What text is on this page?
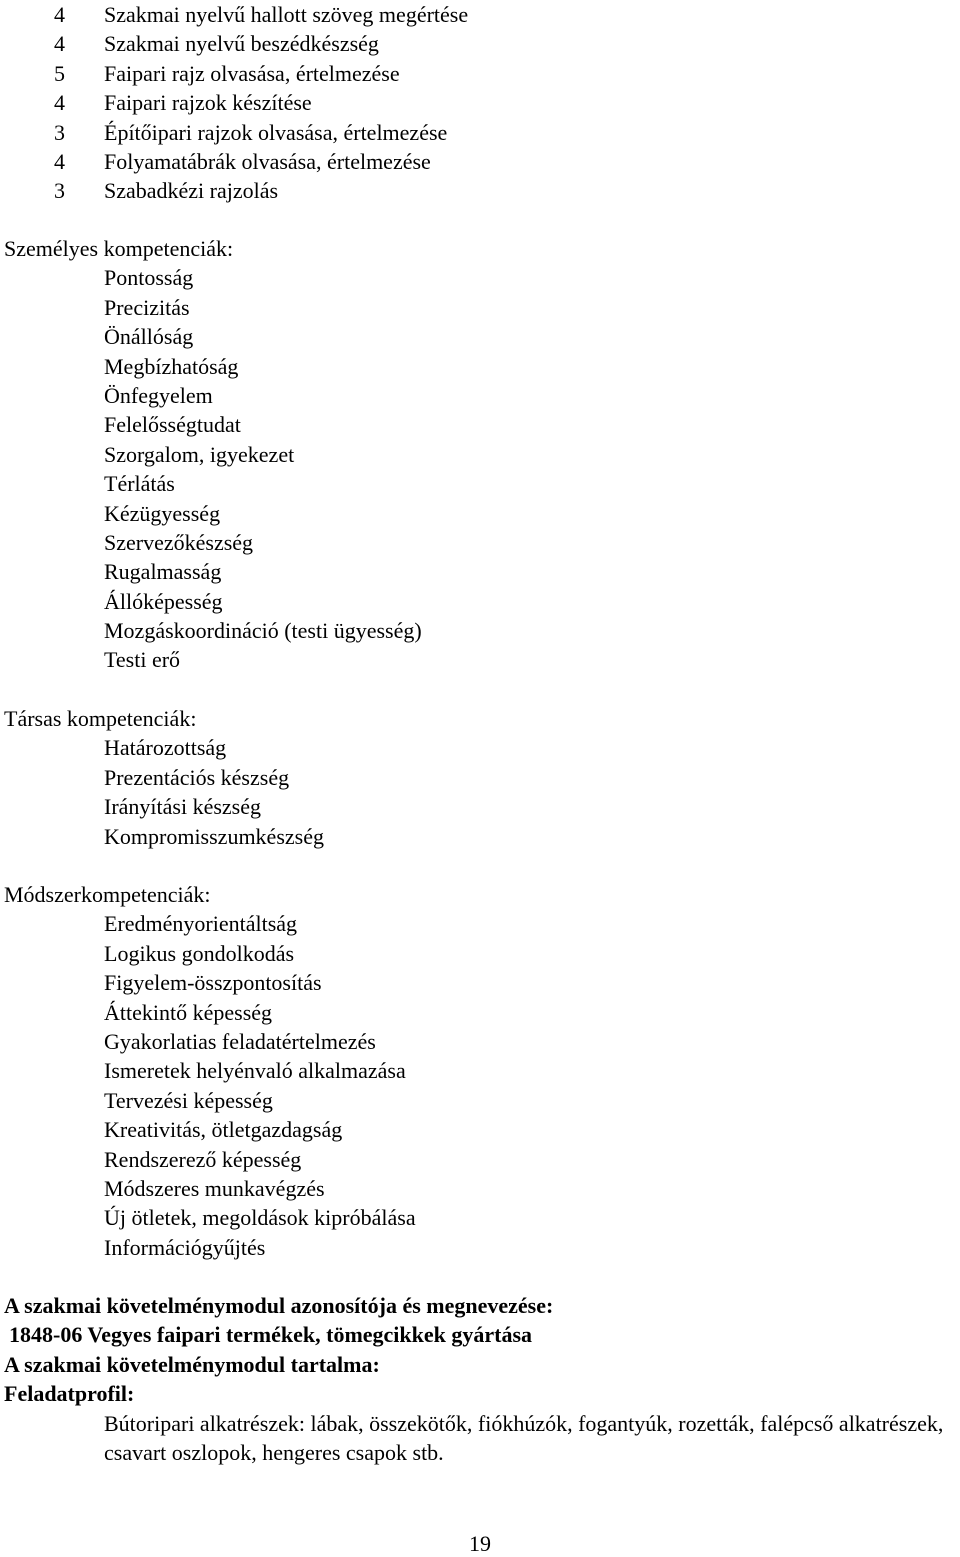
4	Szakmai nyelvű hallott szöveg megértése
4	Szakmai nyelvű beszédkészség
5	Faipari rajz olvasása, értelmezése
4	Faipari rajzok készítése
3	Építőipari rajzok olvasása, értelmezése
4	Folyamatábrák olvasása, értelmezése
3	Szabadkézi rajzolás
Személyes kompetenciák:
Pontosság
Precizitás
Önállóság
Megbízhatóság
Önfegyelem
Felelősségtudat
Szorgalom, igyekezet
Térlátás
Kézügyesség
Szervezőkészség
Rugalmasság
Állóképesség
Mozgáskoordináció (testi ügyesség)
Testi erő
Társas kompetenciák:
Határozottság
Prezentációs készség
Irányítási készség
Kompromisszumkészség
Módszerkompetenciák:
Eredményorientáltság
Logikus gondolkodás
Figyelem-összpontosítás
Áttekintő képesség
Gyakorlatias feladatértelmezés
Ismeretek helyénvaló alkalmazása
Tervezési képesség
Kreativitás, ötletgazdagság
Rendszerező képesség
Módszeres munkavégzés
Új ötletek, megoldások kipróbálása
Információgyűjtés
A szakmai követelménymodul azonosítója és megnevezése:
1848-06 Vegyes faipari termékek, tömegcikkek gyártása
A szakmai követelménymodul tartalma:
Feladatprofil:
Bútoripari alkatrészek: lábak, összekötők, fiókhúzók, fogantyúk, rozetták, falépcső alkatrészek, csavart oszlopok, hengeres csapok stb.
19
